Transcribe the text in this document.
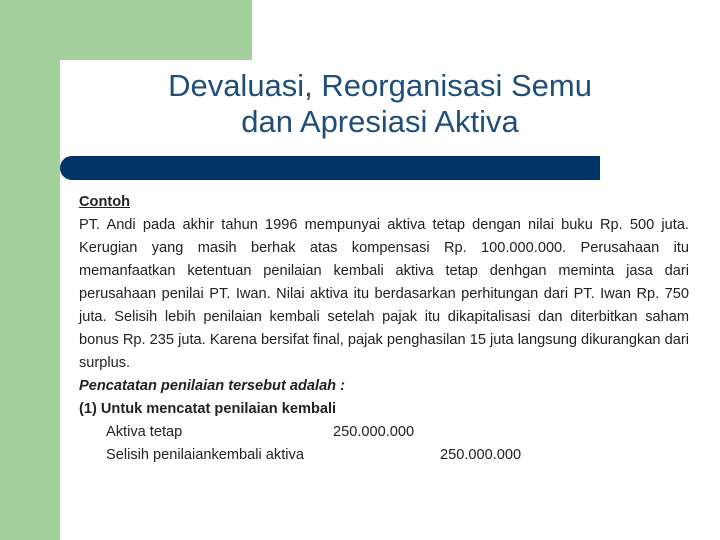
Devaluasi, Reorganisasi Semu
dan Apresiasi Aktiva
Contoh
PT. Andi pada akhir tahun 1996 mempunyai aktiva tetap dengan nilai buku Rp. 500 juta. Kerugian yang masih berhak atas kompensasi Rp. 100.000.000. Perusahaan itu memanfaatkan ketentuan penilaian kembali aktiva tetap denhgan meminta jasa dari perusahaan penilai PT. Iwan. Nilai aktiva itu berdasarkan perhitungan dari PT. Iwan Rp. 750 juta. Selisih lebih penilaian kembali setelah pajak itu dikapitalisasi dan diterbitkan saham bonus Rp. 235 juta. Karena bersifat final, pajak penghasilan 15 juta langsung dikurangkan dari surplus.
Pencatatan penilaian tersebut adalah :
(1) Untuk mencatat penilaian kembali
Aktiva tetap	250.000.000
Selisih penilaiankembali aktiva	250.000.000
